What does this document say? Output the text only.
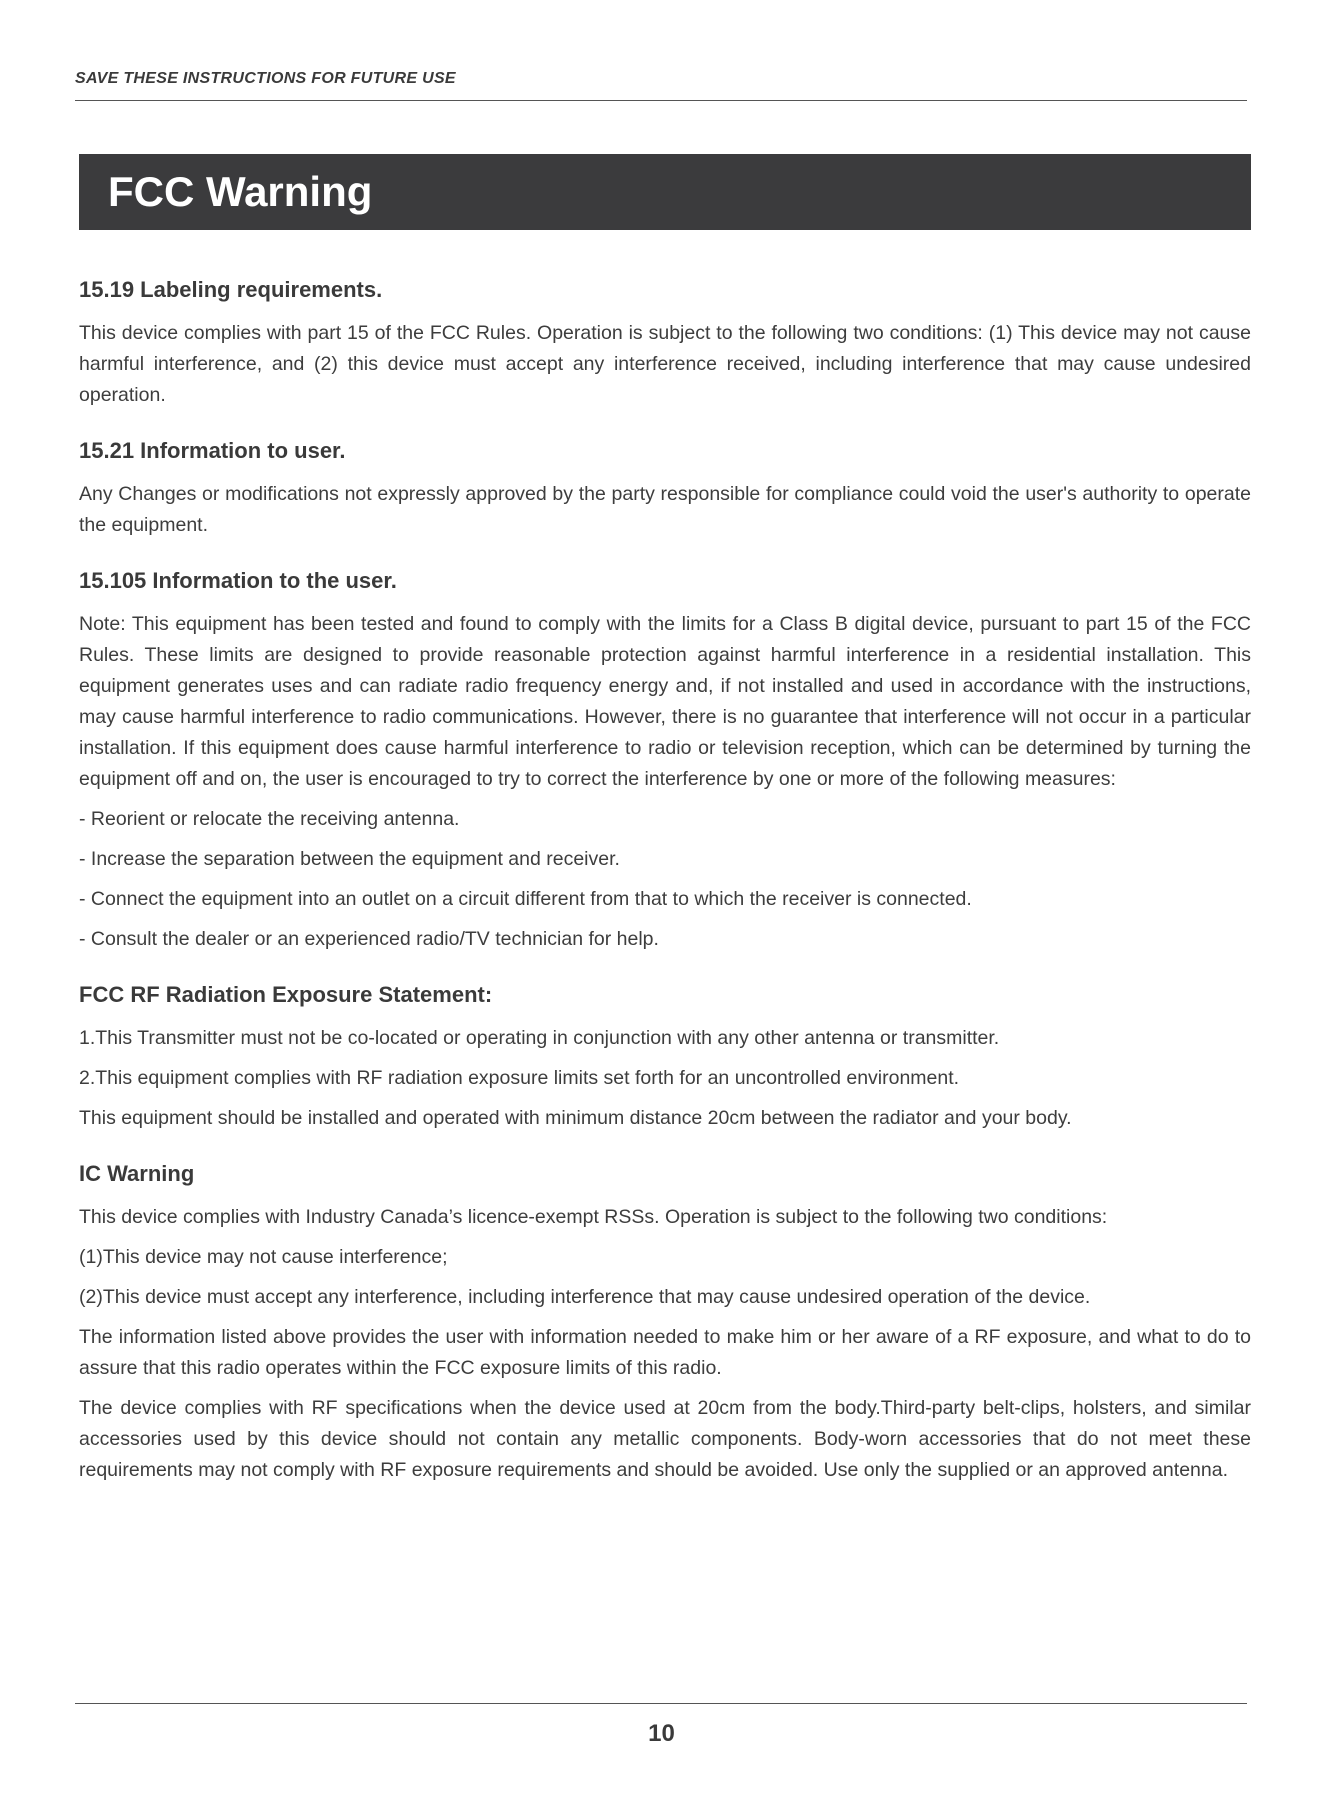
SAVE THESE INSTRUCTIONS FOR FUTURE USE
FCC Warning
15.19 Labeling requirements.
This device complies with part 15 of the FCC Rules. Operation is subject to the following two conditions: (1) This device may not cause harmful interference, and (2) this device must accept any interference received, including interference that may cause undesired operation.
15.21 Information to user.
Any Changes or modifications not expressly approved by the party responsible for compliance could void the user's authority to operate the equipment.
15.105 Information to the user.
Note: This equipment has been tested and found to comply with the limits for a Class B digital device, pursuant to part 15 of the FCC Rules. These limits are designed to provide reasonable protection against harmful interference in a residential installation. This equipment generates uses and can radiate radio frequency energy and, if not installed and used in accordance with the instructions, may cause harmful interference to radio communications. However, there is no guarantee that interference will not occur in a particular installation. If this equipment does cause harmful interference to radio or television reception, which can be determined by turning the equipment off and on, the user is encouraged to try to correct the interference by one or more of the following measures:
- Reorient or relocate the receiving antenna.
- Increase the separation between the equipment and receiver.
- Connect the equipment into an outlet on a circuit different from that to which the receiver is connected.
- Consult the dealer or an experienced radio/TV technician for help.
FCC RF Radiation Exposure Statement:
1.This Transmitter must not be co-located or operating in conjunction with any other antenna or transmitter.
2.This equipment complies with RF radiation exposure limits set forth for an uncontrolled environment.
This equipment should be installed and operated with minimum distance 20cm between the radiator and your body.
IC Warning
This device complies with Industry Canada’s licence-exempt RSSs. Operation is subject to the following two conditions:
(1)This device may not cause interference;
(2)This device must accept any interference, including interference that may cause undesired operation of the device.
The information listed above provides the user with information needed to make him or her aware of a RF exposure, and what to do to assure that this radio operates within the FCC exposure limits of this radio.
The device complies with RF specifications when the device used at 20cm from the body.Third-party belt-clips, holsters, and similar accessories used by this device should not contain any metallic components. Body-worn accessories that do not meet these requirements may not comply with RF exposure requirements and should be avoided. Use only the supplied or an approved antenna.
10
